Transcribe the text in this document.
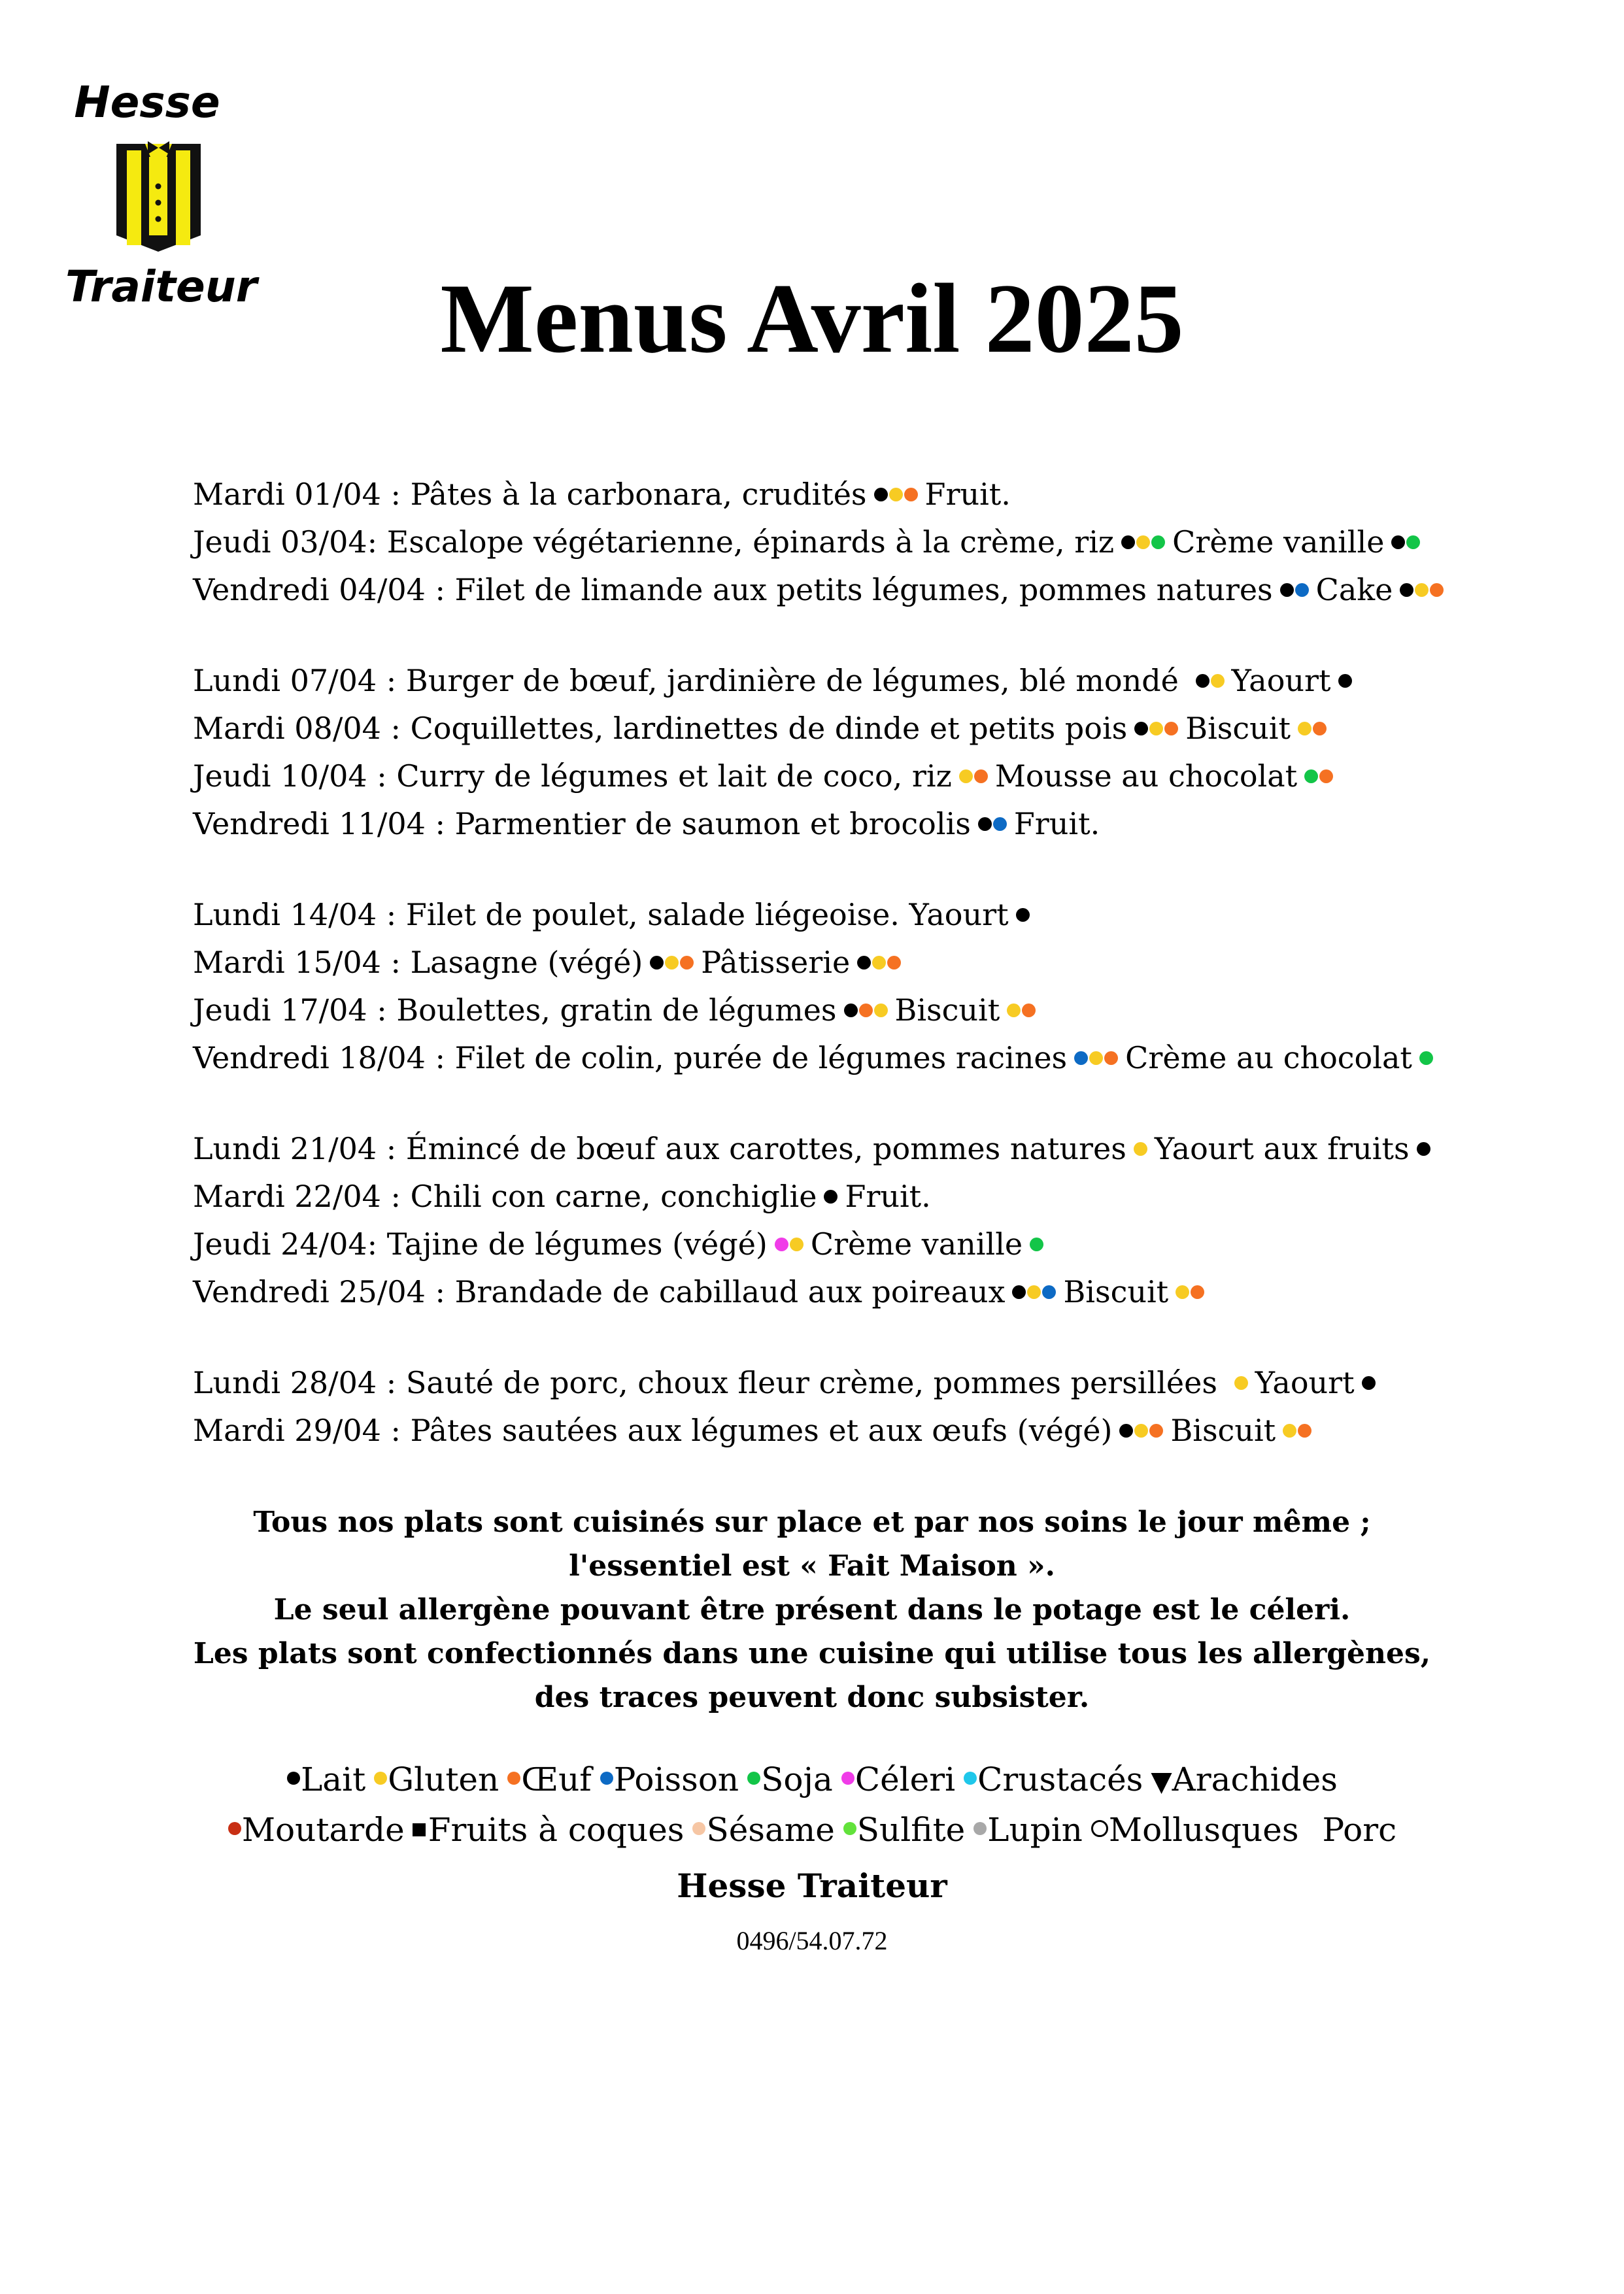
Hesse
Traiteur	Menus Avril 2025
Mardi 01/04 : Pâtes à la carbonara, crudités Fruit.
Jeudi 03/04: Escalope végétarienne, épinards à la crème, riz Crème vanille
Vendredi 04/04 : Filet de limande aux petits légumes, pommes natures Cake
Lundi 07/04 : Burger de bœuf, jardinière de légumes, blé mondé Yaourt
Mardi 08/04 : Coquillettes, lardinettes de dinde et petits pois Biscuit
Jeudi 10/04 : Curry de légumes et lait de coco, riz Mousse au chocolat
Vendredi 11/04 : Parmentier de saumon et brocolis Fruit.
Lundi 14/04 : Filet de poulet, salade liégeoise. Yaourt
Mardi 15/04 : Lasagne (végé) Pâtisserie
Jeudi 17/04 : Boulettes, gratin de légumes Biscuit
Vendredi 18/04 : Filet de colin, purée de légumes racines Crème au chocolat
Lundi 21/04 : Émincé de bœuf aux carottes, pommes natures Yaourt aux fruits
Mardi 22/04 : Chili con carne, conchiglie Fruit.
Jeudi 24/04: Tajine de légumes (végé) Crème vanille
Vendredi 25/04 : Brandade de cabillaud aux poireaux Biscuit
Lundi 28/04 : Sauté de porc, choux fleur crème, pommes persillées Yaourt
Mardi 29/04 : Pâtes sautées aux légumes et aux œufs (végé) Biscuit
Tous nos plats sont cuisinés sur place et par nos soins le jour même ;
l'essentiel est « Fait Maison ».
Le seul allergène pouvant être présent dans le potage est le céleri.
Les plats sont confectionnés dans une cuisine qui utilise tous les allergènes,
des traces peuvent donc subsister.
Lait Gluten Œuf Poisson Soja Céleri Crustacés ▼Arachides
Moutarde Fruits à coques Sésame Sulfite Lupin Mollusques Porc
Hesse Traiteur
0496/54.07.72
